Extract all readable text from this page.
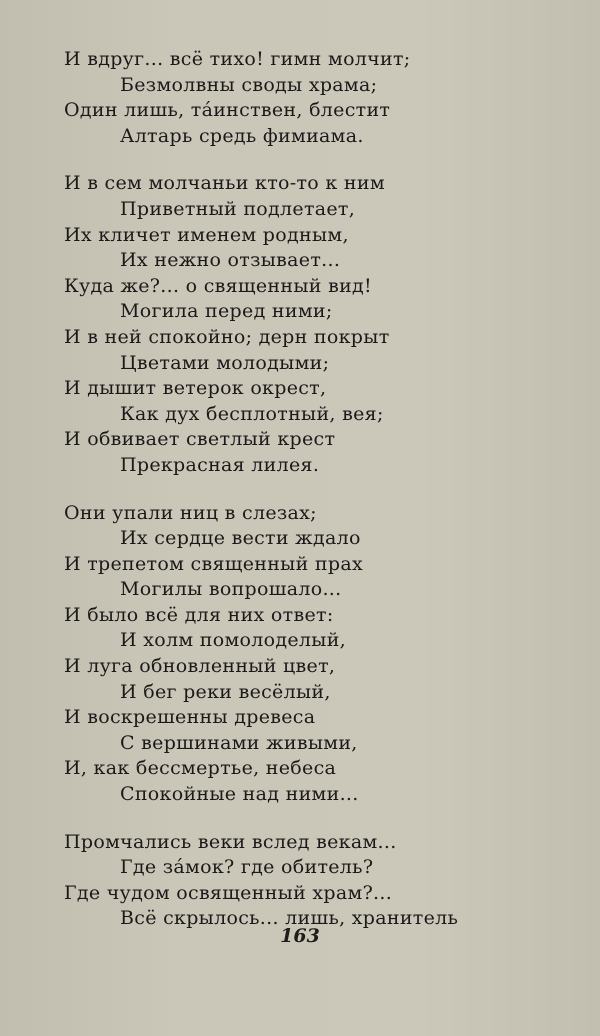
И вдруг... всё тихо! гимн молчит;
Безмолвны своды храма;
Один лишь, та́инствен, блестит
Алтарь средь фимиама.
И в сем молчаньи кто-то к ним
Приветный подлетает,
Их кличет именем родным,
Их нежно отзывает...
Куда же?... о священный вид!
Могила перед ними;
И в ней спокойно; дерн покрыт
Цветами молодыми;
И дышит ветерок окрест,
Как дух бесплотный, вея;
И обвивает светлый крест
Прекрасная лилея.
Они упали ниц в слезах;
Их сердце вести ждало
И трепетом священный прах
Могилы вопрошало...
И было всё для них ответ:
И холм помолоделый,
И луга обновленный цвет,
И бег реки весёлый,
И воскрешенны древеса
С вершинами живыми,
И, как бессмертье, небеса
Спокойные над ними...
Промчались веки вслед векам...
Где за́мок? где обитель?
Где чудом освященный храм?...
Всё скрылось... лишь, хранитель
163
